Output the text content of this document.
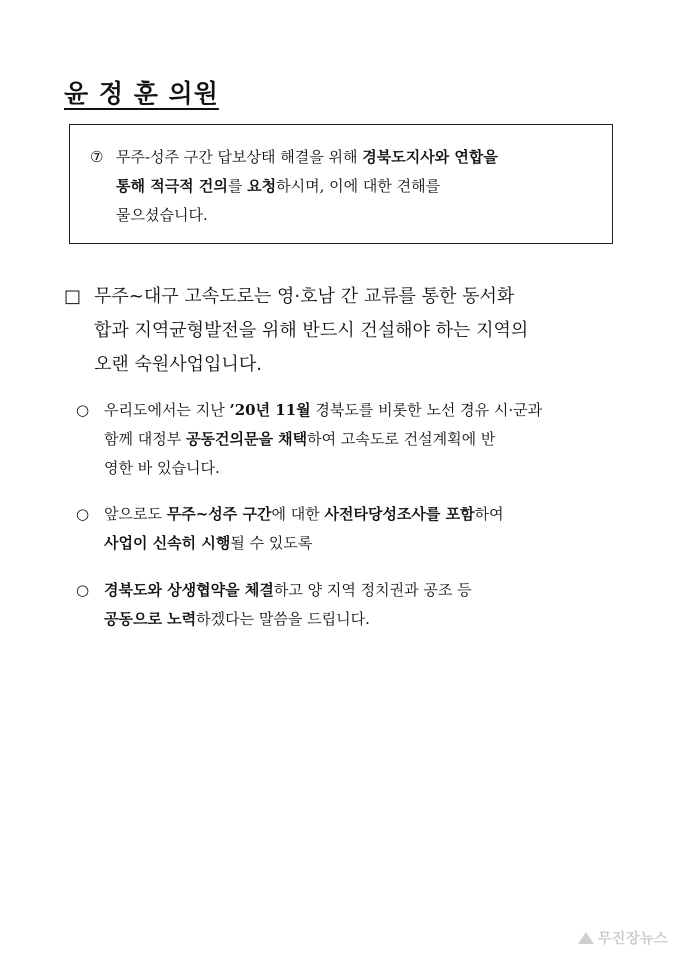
윤 정 훈 의원
⑦ 무주-성주 구간 답보상태 해결을 위해 경북도지사와 연합을
통해 적극적 건의를 요청하시며, 이에 대한 견해를
물으셨습니다.
□ 무주~대구 고속도로는 영·호남 간 교류를 통한 동서화
합과 지역균형발전을 위해 반드시 건설해야 하는 지역의
오랜 숙원사업입니다.
○ 우리도에서는 지난 ’20년 11월 경북도를 비롯한 노선 경유 시·군과
함께 대정부 공동건의문을 채택하여 고속도로 건설계획에 반
영한 바 있습니다.
○ 앞으로도 무주~성주 구간에 대한 사전타당성조사를 포함하여
사업이 신속히 시행될 수 있도록
○ 경북도와 상생협약을 체결하고 양 지역 정치권과 공조 등
공동으로 노력하겠다는 말씀을 드립니다.
무진장뉴스
